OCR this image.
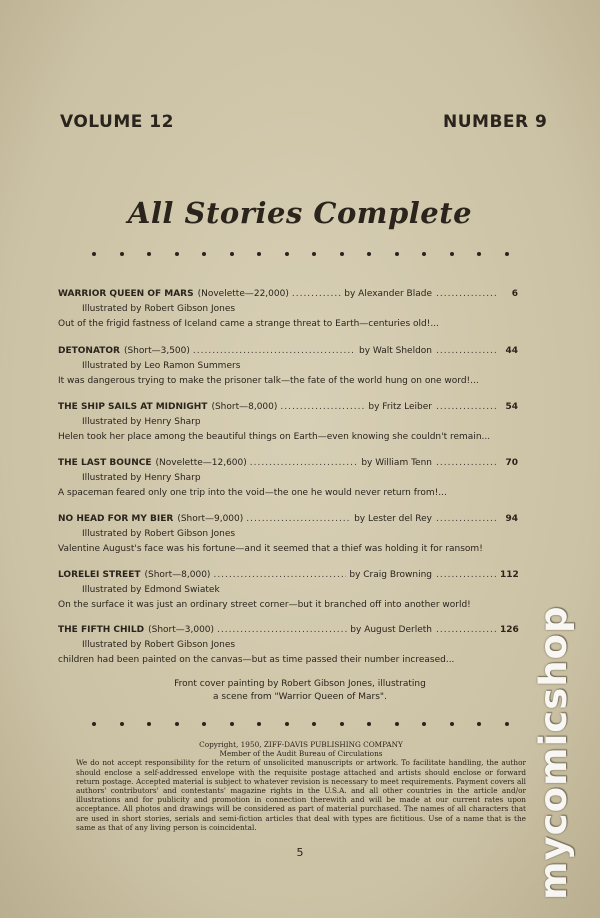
VOLUME 12	NUMBER 9
All Stories Complete
WARRIOR QUEEN OF MARS (Novelette—22,000) .....	by Alexander Blade .....	6
Illustrated by Robert Gibson Jones
Out of the frigid fastness of Iceland came a strange threat to Earth—centuries old!...
DETONATOR (Short—3,500) .....	by Walt Sheldon .....	44
Illustrated by Leo Ramon Summers
It was dangerous trying to make the prisoner talk—the fate of the world hung on one word!...
THE SHIP SAILS AT MIDNIGHT (Short—8,000) .....	by Fritz Leiber .....	54
Illustrated by Henry Sharp
Helen took her place among the beautiful things on Earth—even knowing she couldn't remain...
THE LAST BOUNCE (Novelette—12,600) .....	by William Tenn .....	70
Illustrated by Henry Sharp
A spaceman feared only one trip into the void—the one he would never return from!...
NO HEAD FOR MY BIER (Short—9,000) .....	by Lester del Rey .....	94
Illustrated by Robert Gibson Jones
Valentine August's face was his fortune—and it seemed that a thief was holding it for ransom!
LORELEI STREET (Short—8,000) .....	by Craig Browning .....	112
Illustrated by Edmond Swiatek
On the surface it was just an ordinary street corner—but it branched off into another world!
THE FIFTH CHILD (Short—3,000) .....	by August Derleth .....	126
Illustrated by Robert Gibson Jones
children had been painted on the canvas—but as time passed their number increased...
Front cover painting by Robert Gibson Jones, illustrating
a scene from "Warrior Queen of Mars".
Copyright, 1950, ZIFF-DAVIS PUBLISHING COMPANY
Member of the Audit Bureau of Circulations
We do not accept responsibility for the return of unsolicited manuscripts or artwork. To facilitate handling, the author should enclose a self-addressed envelope with the requisite postage attached and artists should enclose or forward return postage. Accepted material is subject to whatever revision is necessary to meet requirements. Payment covers all authors' contributors' and contestants' magazine rights in the U.S.A. and all other countries in the article and/or illustrations and for publicity and promotion in connection therewith and will be made at our current rates upon acceptance. All photos and drawings will be considered as part of material purchased. The names of all characters that are used in short stories, serials and semi-fiction articles that deal with types are fictitious. Use of a name that is the same as that of any living person is coincidental.
5	mycomicshop
